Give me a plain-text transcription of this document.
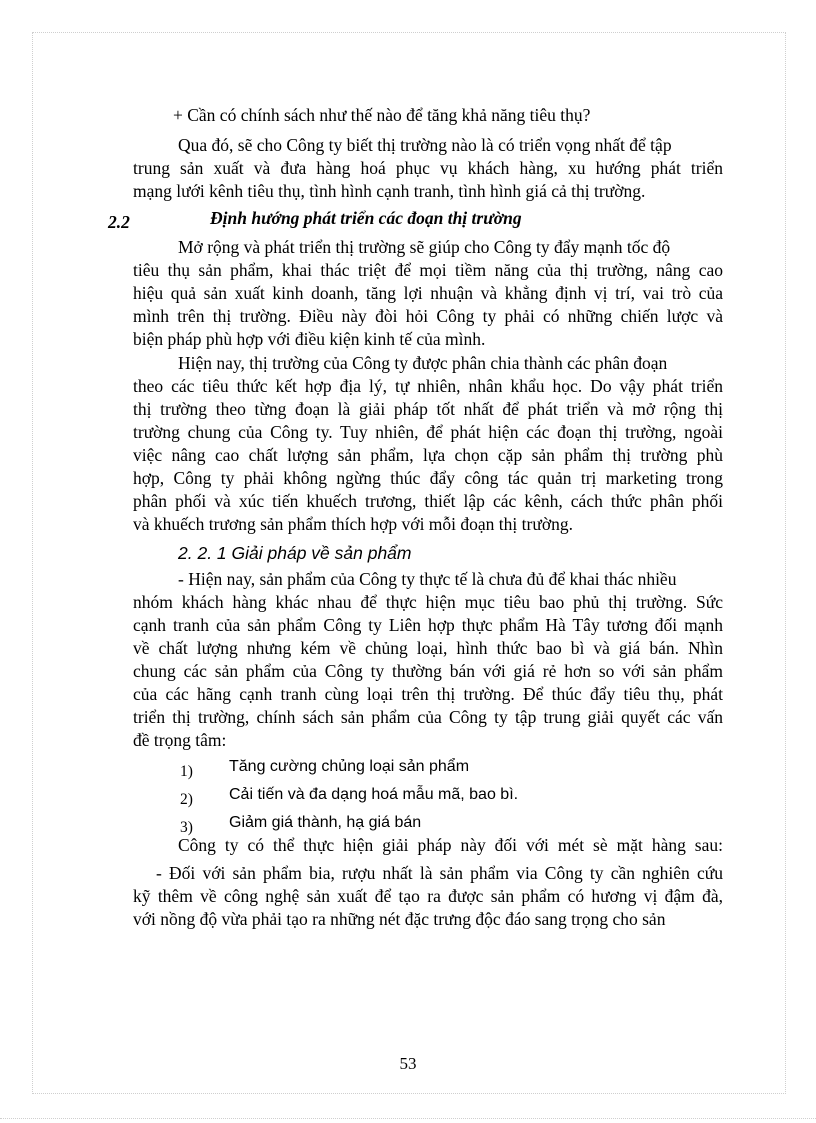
+ Cần có chính sách như thế nào để tăng khả năng tiêu thụ?
Qua đó, sẽ cho Công ty biết thị trường nào là có triển vọng nhất để tập
trung sản xuất và đưa hàng hoá phục vụ khách hàng, xu hướng phát triển
mạng lưới kênh tiêu thụ, tình hình cạnh tranh, tình hình giá cả thị trường.
2.2	Định hướng phát triển các đoạn thị trường
Mở rộng và phát triển thị trường sẽ giúp cho Công ty đẩy mạnh tốc độ
tiêu thụ sản phẩm, khai thác triệt để mọi tiềm năng của thị trường, nâng cao
hiệu quả sản xuất kinh doanh, tăng lợi nhuận và khẳng định vị trí, vai trò của
mình trên thị trường. Điều này đòi hỏi Công ty phải có những chiến lược và
biện pháp phù hợp với điều kiện kinh tế của mình.
Hiện nay, thị trường của Công ty được phân chia thành các phân đoạn
theo các tiêu thức kết hợp địa lý, tự nhiên, nhân khẩu học. Do vậy phát triển
thị trường theo từng đoạn là giải pháp tốt nhất để phát triển và mở rộng thị
trường chung của Công ty. Tuy nhiên, để phát hiện các đoạn thị trường, ngoài
việc nâng cao chất lượng sản phẩm, lựa chọn cặp sản phẩm thị trường phù
hợp, Công ty phải không ngừng thúc đẩy công tác quản trị marketing trong
phân phối và xúc tiến khuếch trương, thiết lập các kênh, cách thức phân phối
và khuếch trương sản phẩm thích hợp với mỗi đoạn thị trường.
2. 2. 1 Giải pháp về sản phẩm
- Hiện nay, sản phẩm của Công ty thực tế là chưa đủ để khai thác nhiều
nhóm khách hàng khác nhau để thực hiện mục tiêu bao phủ thị trường. Sức
cạnh tranh của sản phẩm Công ty Liên hợp thực phẩm Hà Tây tương đối mạnh
về chất lượng nhưng kém về chủng loại, hình thức bao bì và giá bán. Nhìn
chung các sản phẩm của Công ty thường bán với giá rẻ hơn so với sản phẩm
của các hãng cạnh tranh cùng loại trên thị trường. Để thúc đẩy tiêu thụ, phát
triển thị trường, chính sách sản phẩm của Công ty tập trung giải quyết các vấn
đề trọng tâm:
1) Tăng cường chủng loại sản phẩm
2) Cải tiến và đa dạng hoá mẫu mã, bao bì.
3) Giảm giá thành, hạ giá bán
Công ty có thể thực hiện giải pháp này đối với mét sè mặt hàng sau:
- Đối với sản phẩm bia, rượu nhất là sản phẩm via Công ty cần nghiên cứu
kỹ thêm về công nghệ sản xuất để tạo ra được sản phẩm có hương vị đậm đà,
với nồng độ vừa phải tạo ra những nét đặc trưng độc đáo sang trọng cho sản
53
